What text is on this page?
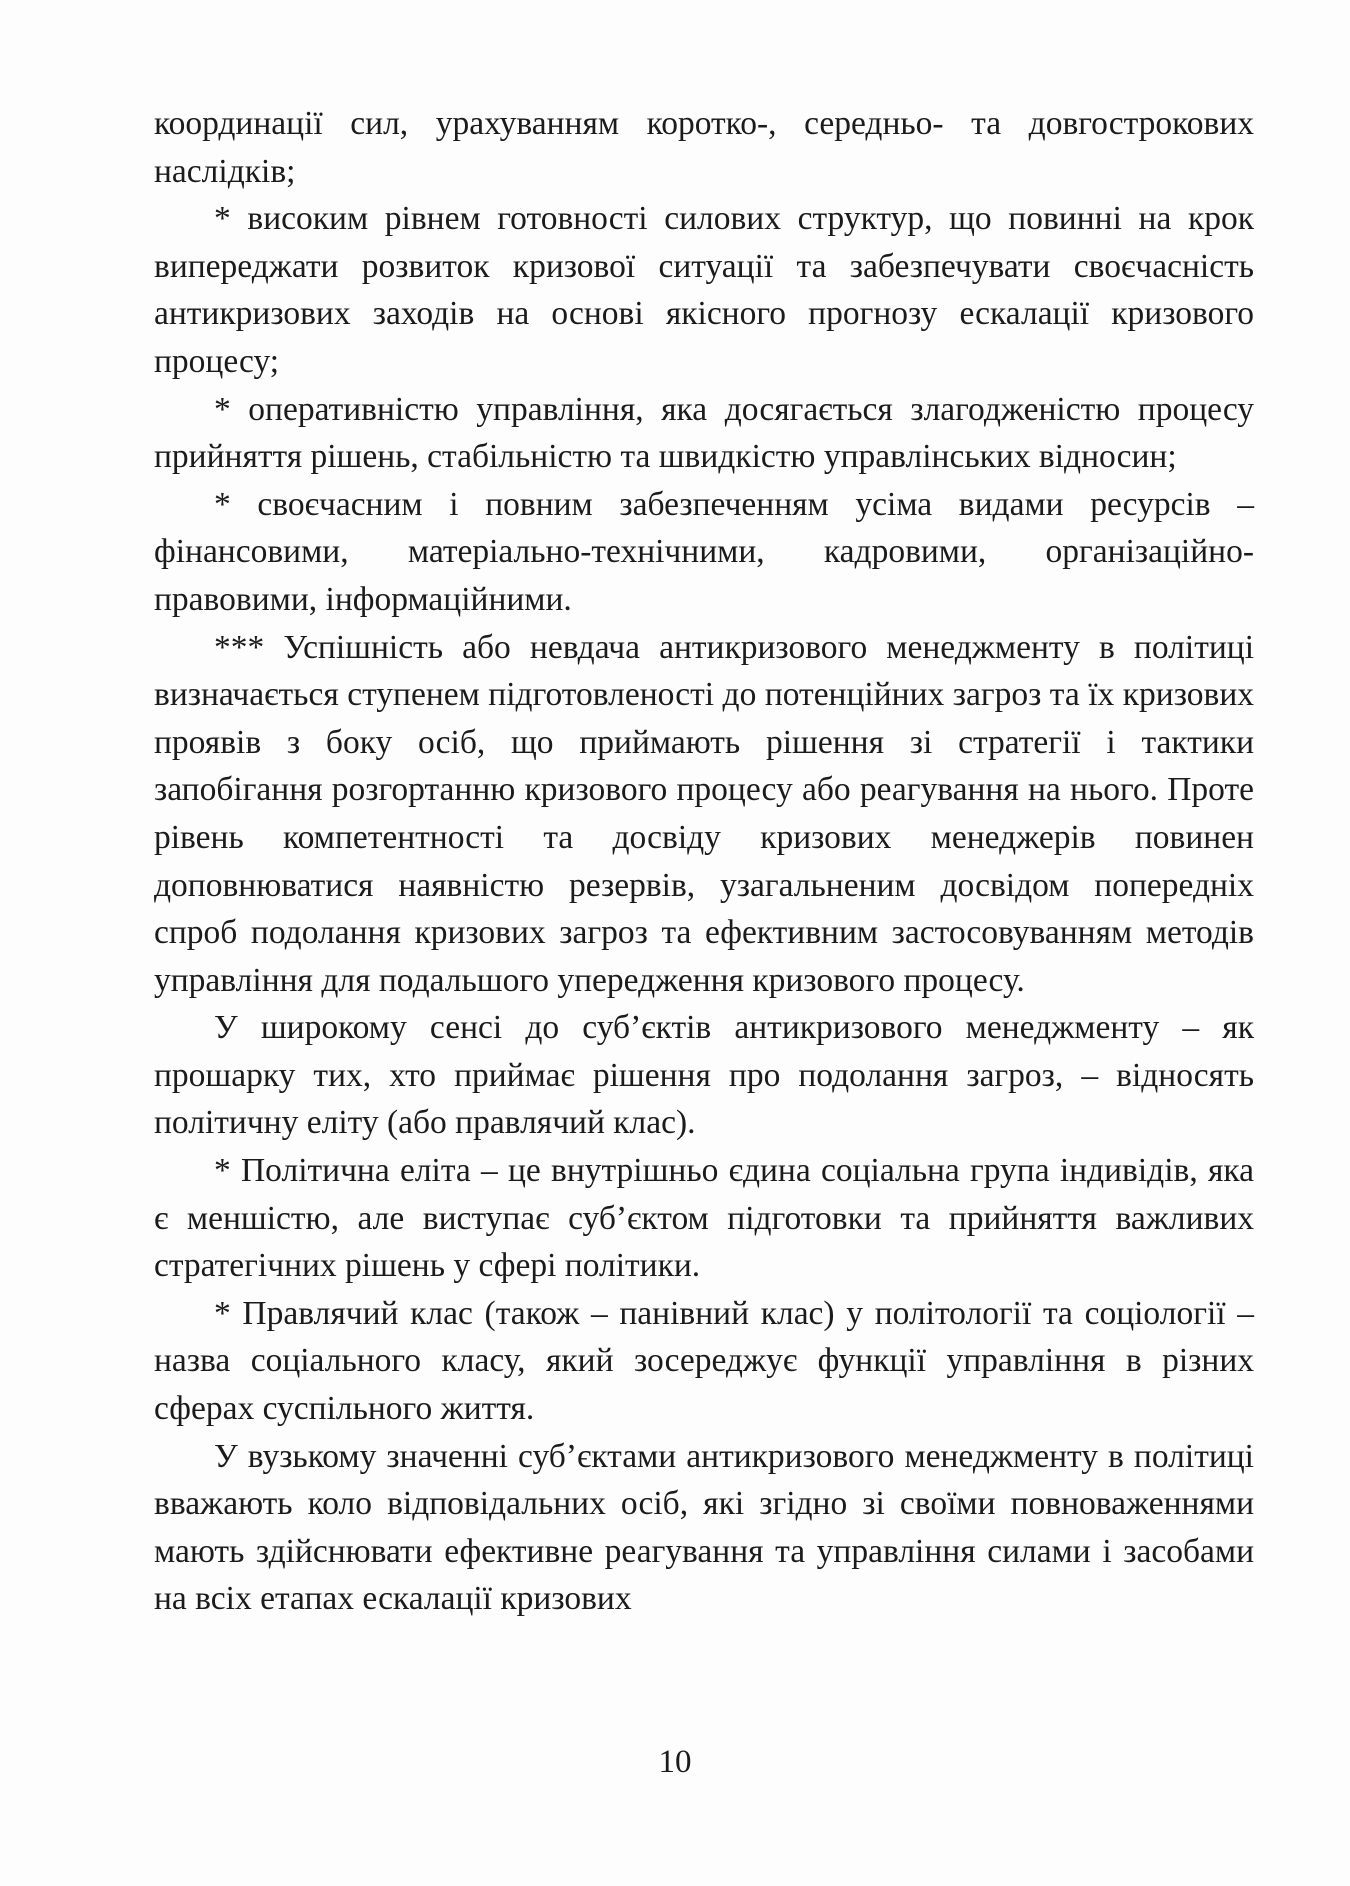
координації сил, урахуванням коротко-, середньо- та довгострокових наслідків;

* високим рівнем готовності силових структур, що повинні на крок випереджати розвиток кризової ситуації та забезпечувати своєчасність антикризових заходів на основі якісного прогнозу ескалації кризового процесу;

* оперативністю управління, яка досягається злагодженістю процесу прийняття рішень, стабільністю та швидкістю управлінських відносин;

* своєчасним і повним забезпеченням усіма видами ресурсів – фінансовими, матеріально-технічними, кадровими, організаційно-правовими, інформаційними.

*** Успішність або невдача антикризового менеджменту в політиці визначається ступенем підготовленості до потенційних загроз та їх кризових проявів з боку осіб, що приймають рішення зі стратегії і тактики запобігання розгортанню кризового процесу або реагування на нього. Проте рівень компетентності та досвіду кризових менеджерів повинен доповнюватися наявністю резервів, узагальненим досвідом попередніх спроб подолання кризових загроз та ефективним застосовуванням методів управління для подальшого упередження кризового процесу.

У широкому сенсі до суб’єктів антикризового менеджменту – як прошарку тих, хто приймає рішення про подолання загроз, – відносять політичну еліту (або правлячий клас).

* Політична еліта – це внутрішньо єдина соціальна група індивідів, яка є меншістю, але виступає суб’єктом підготовки та прийняття важливих стратегічних рішень у сфері політики.

* Правлячий клас (також – панівний клас) у політології та соціології – назва соціального класу, який зосереджує функції управління в різних сферах суспільного життя.

У вузькому значенні суб’єктами антикризового менеджменту в політиці вважають коло відповідальних осіб, які згідно зі своїми повноваженнями мають здійснювати ефективне реагування та управління силами і засобами на всіх етапах ескалації кризових

10
